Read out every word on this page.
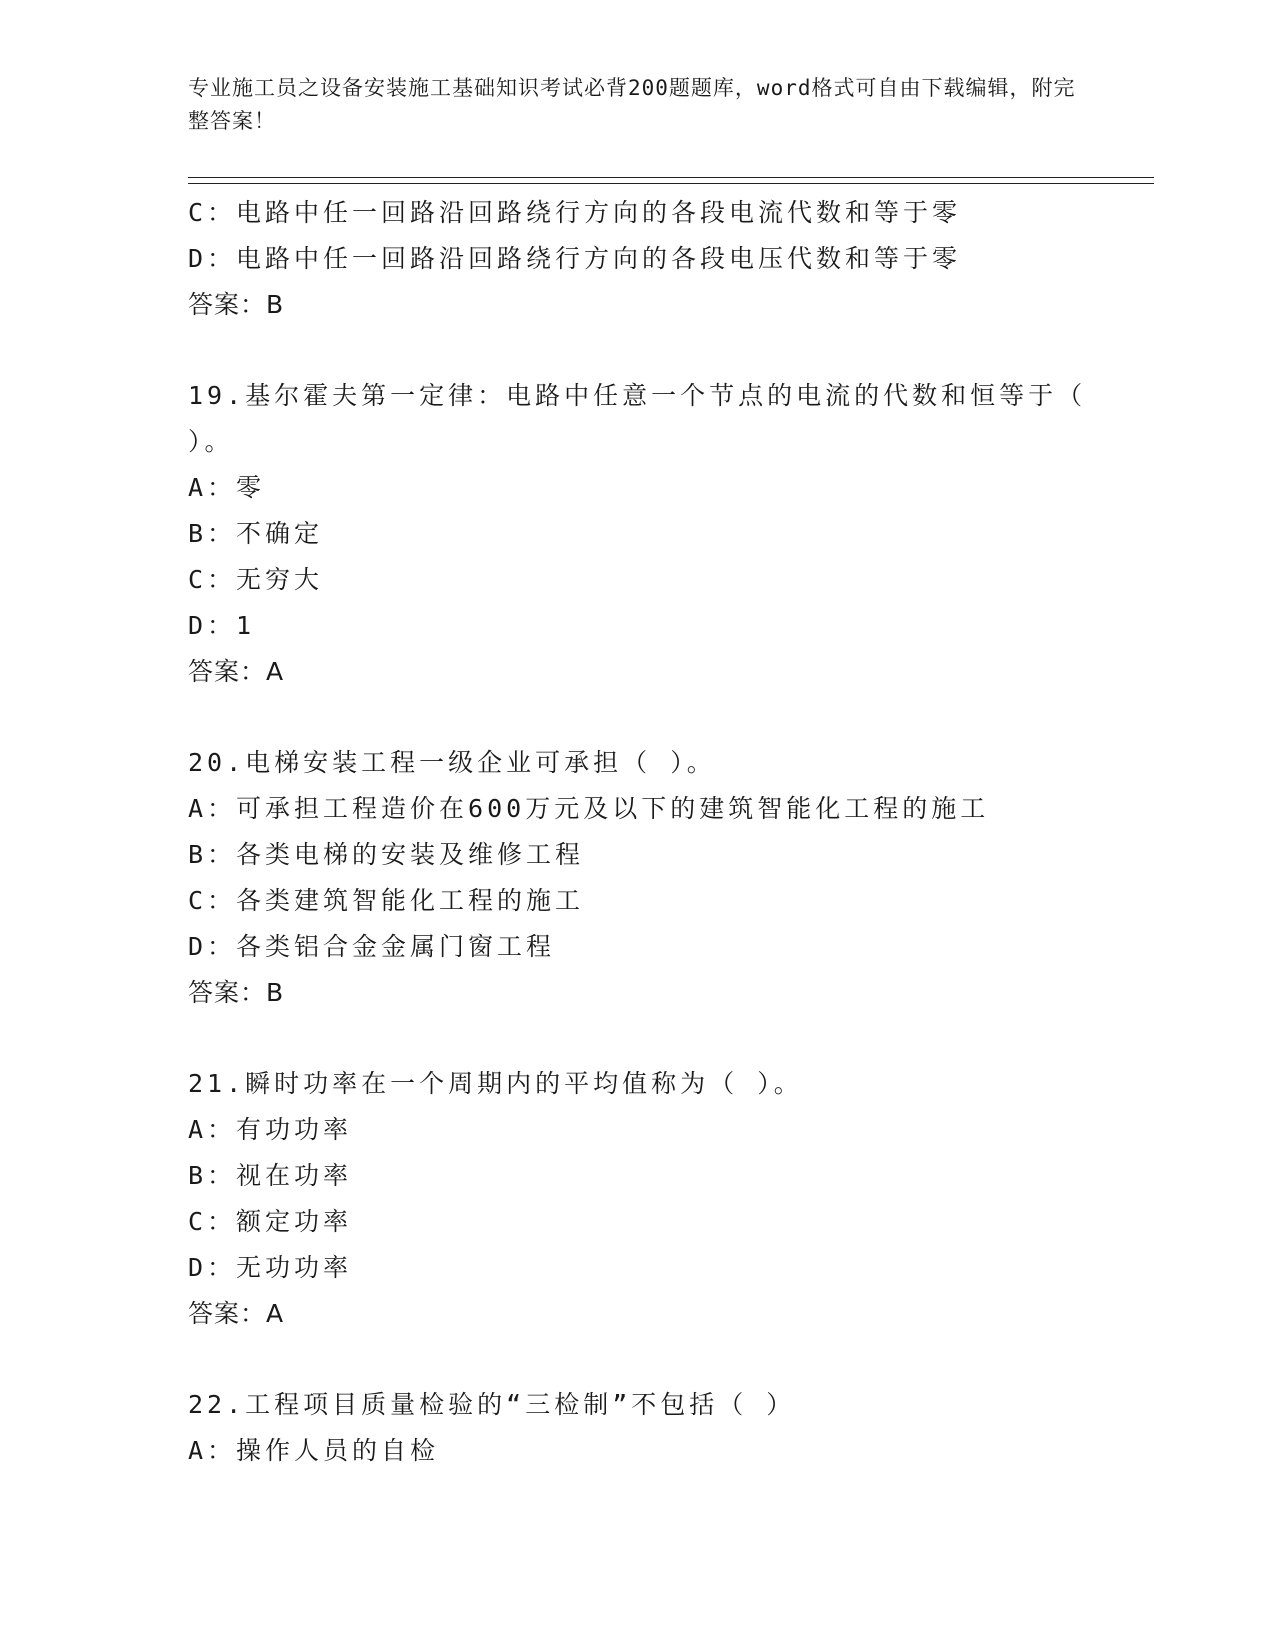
专业施工员之设备安装施工基础知识考试必背200题题库，word格式可自由下载编辑，附完整答案！
C：电路中任一回路沿回路绕行方向的各段电流代数和等于零
D：电路中任一回路沿回路绕行方向的各段电压代数和等于零
答案：B
19.基尔霍夫第一定律：电路中任意一个节点的电流的代数和恒等于（
）。
A：零
B：不确定
C：无穷大
D：1
答案：A
20.电梯安装工程一级企业可承担（ ）。
A：可承担工程造价在600万元及以下的建筑智能化工程的施工
B：各类电梯的安装及维修工程
C：各类建筑智能化工程的施工
D：各类铝合金金属门窗工程
答案：B
21.瞬时功率在一个周期内的平均值称为（ ）。
A：有功功率
B：视在功率
C：额定功率
D：无功功率
答案：A
22.工程项目质量检验的“三检制”不包括（ ）
A：操作人员的自检
